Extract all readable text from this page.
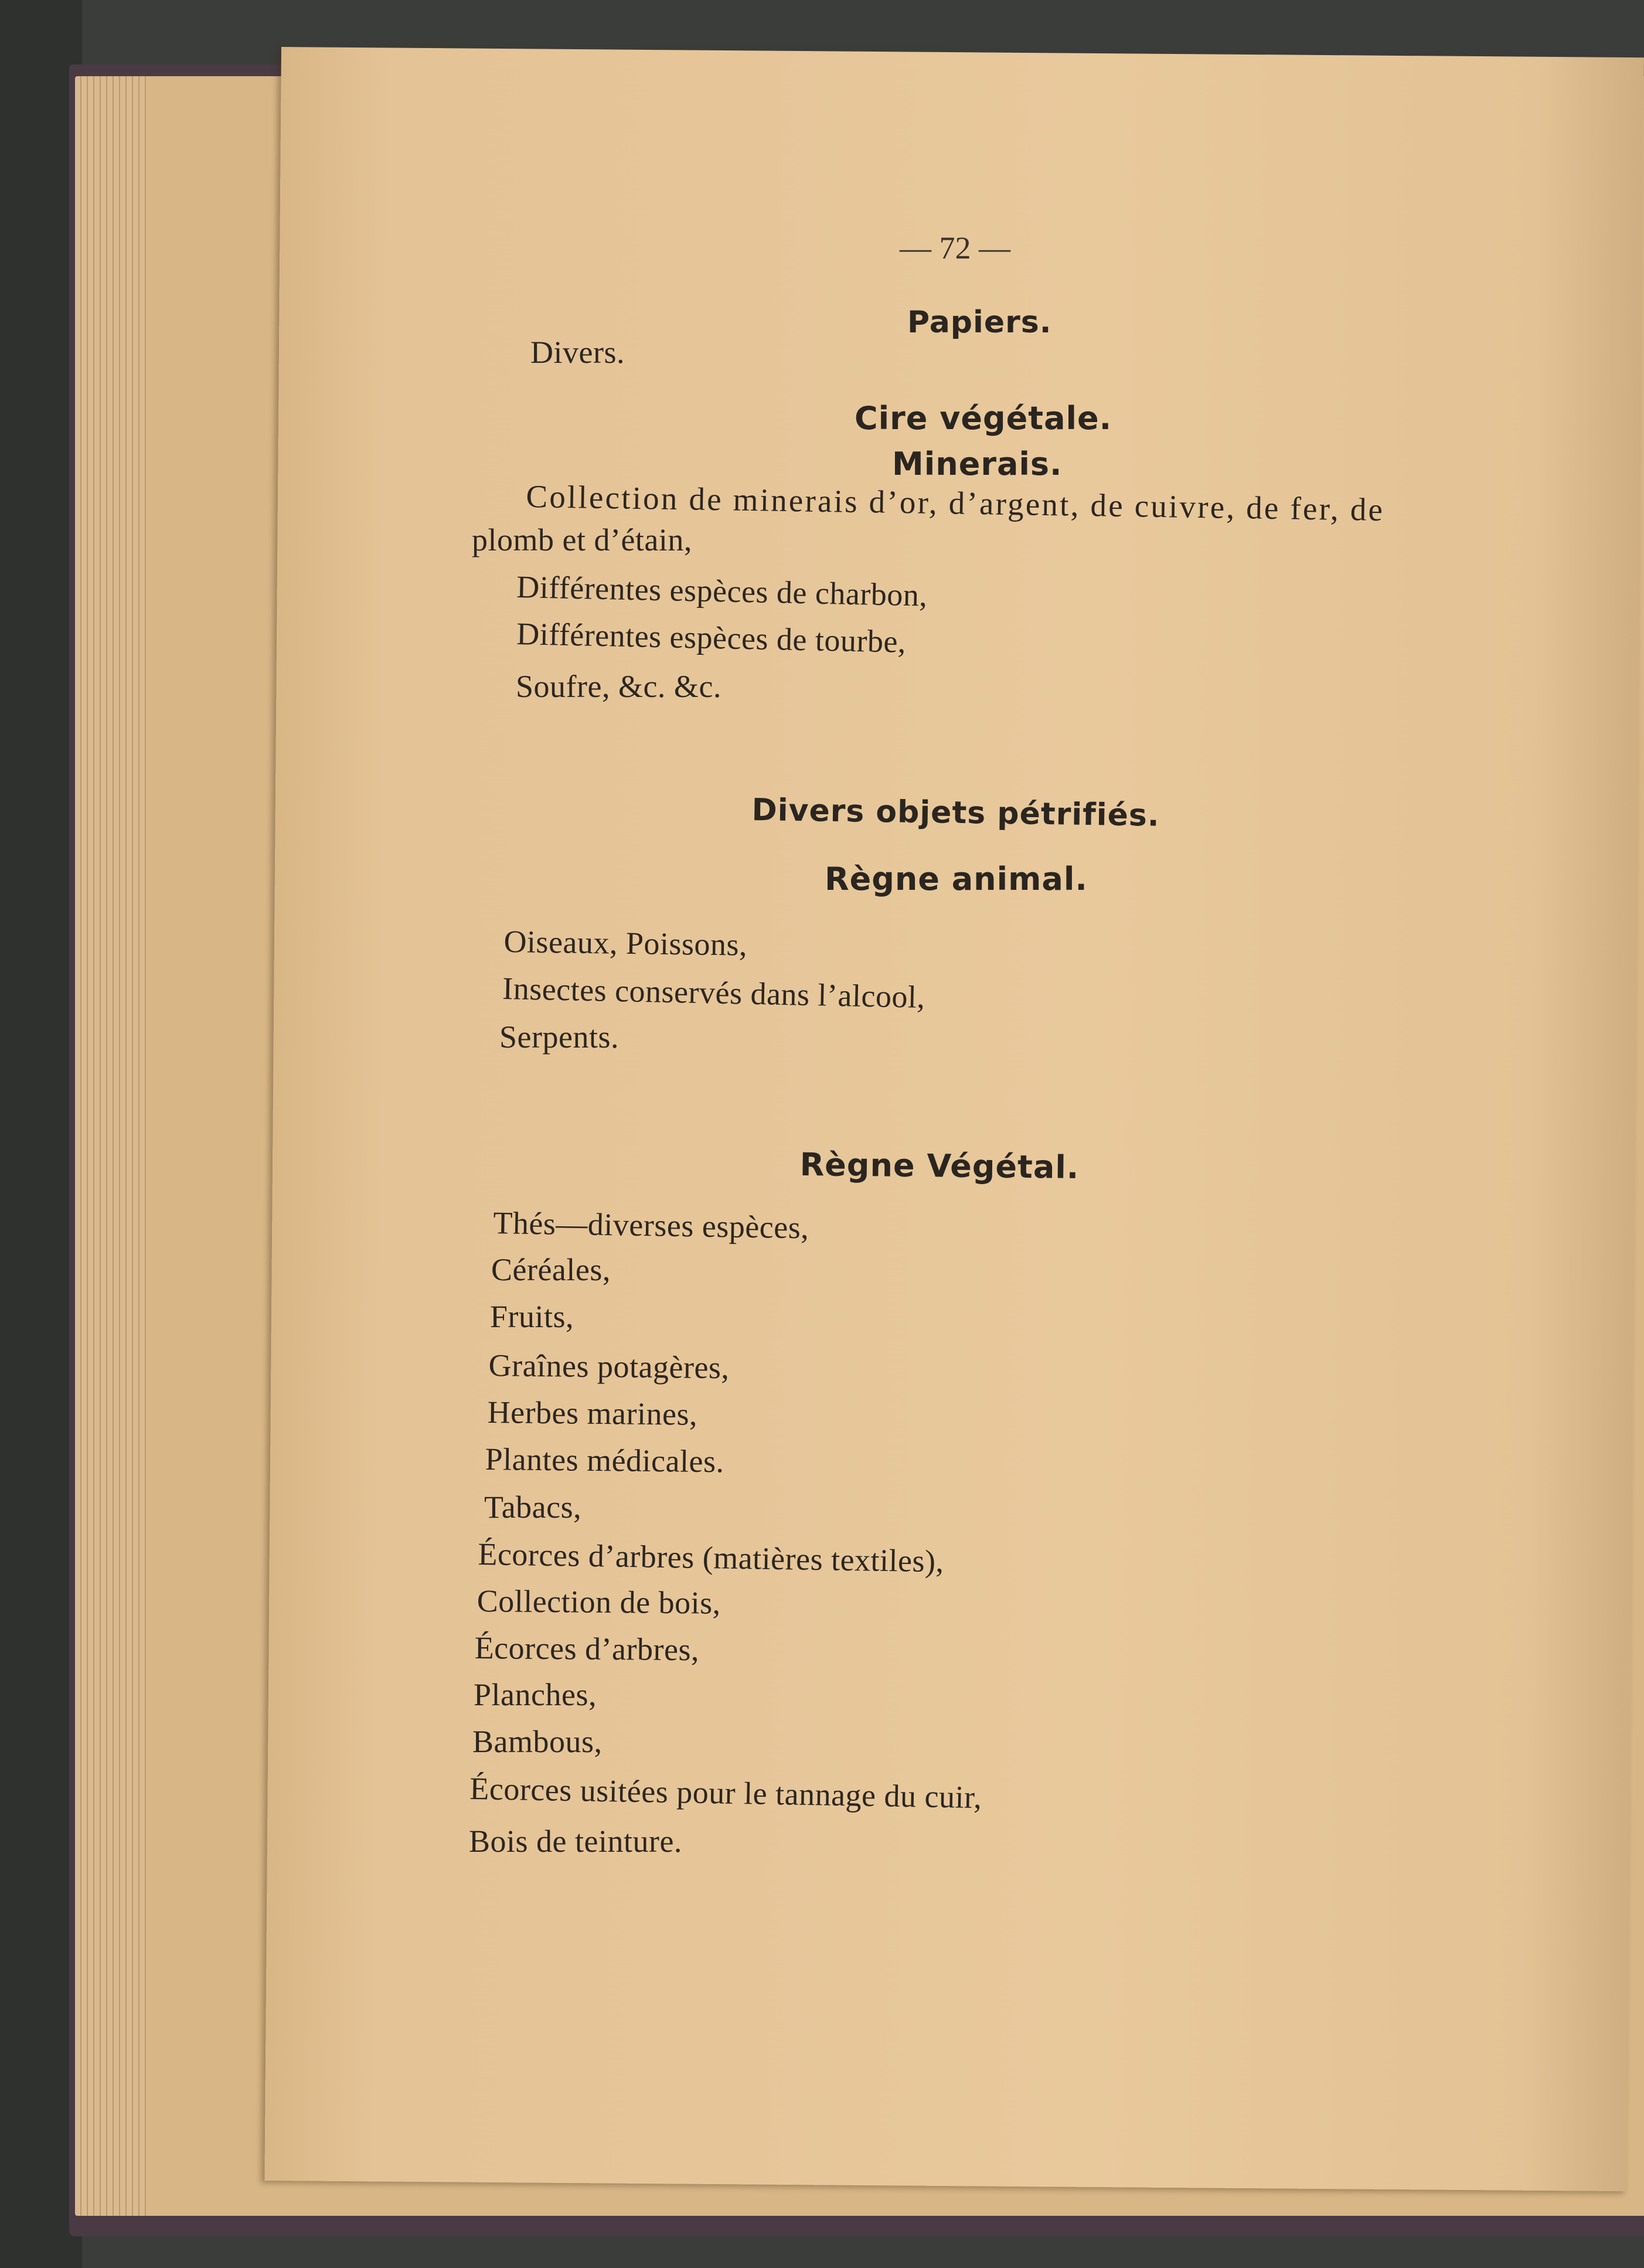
— 72 —
Papiers.
Divers.
Cire végétale.
Minerais.
Collection de minerais d’or, d’argent, de cuivre, de fer, de
plomb et d’étain,
Différentes espèces de charbon,
Différentes espèces de tourbe,
Soufre, &c. &c.
Divers objets pétrifiés.
Règne animal.
Oiseaux, Poissons,
Insectes conservés dans l’alcool,
Serpents.
Règne Végétal.
Thés—diverses espèces,
Céréales,
Fruits,
Graînes potagères,
Herbes marines,
Plantes médicales.
Tabacs,
Écorces d’arbres (matières textiles),
Collection de bois,
Écorces d’arbres,
Planches,
Bambous,
Écorces usitées pour le tannage du cuir,
Bois de teinture.
